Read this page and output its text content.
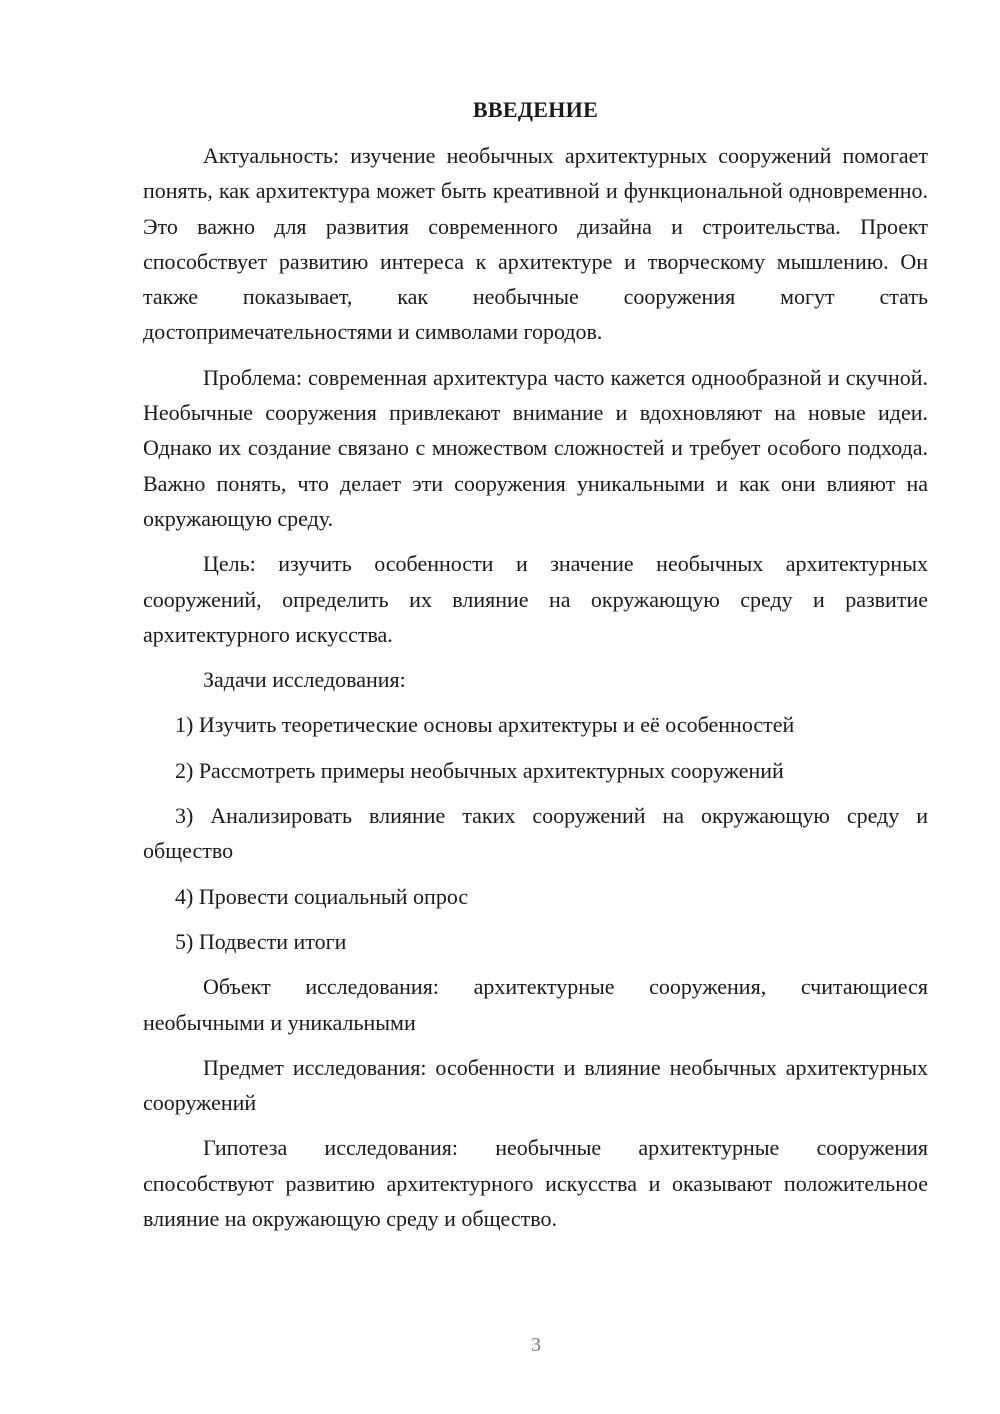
ВВЕДЕНИЕ

Актуальность: изучение необычных архитектурных сооружений помогает понять, как архитектура может быть креативной и функциональной одновременно. Это важно для развития современного дизайна и строительства. Проект способствует развитию интереса к архитектуре и творческому мышлению. Он также показывает, как необычные сооружения могут стать достопримечательностями и символами городов.

Проблема: современная архитектура часто кажется однообразной и скучной. Необычные сооружения привлекают внимание и вдохновляют на новые идеи. Однако их создание связано с множеством сложностей и требует особого подхода. Важно понять, что делает эти сооружения уникальными и как они влияют на окружающую среду.

Цель: изучить особенности и значение необычных архитектурных сооружений, определить их влияние на окружающую среду и развитие архитектурного искусства.

Задачи исследования:

1) Изучить теоретические основы архитектуры и её особенностей

2) Рассмотреть примеры необычных архитектурных сооружений

3) Анализировать влияние таких сооружений на окружающую среду и общество

4) Провести социальный опрос

5) Подвести итоги

Объект исследования: архитектурные сооружения, считающиеся необычными и уникальными

Предмет исследования: особенности и влияние необычных архитектурных сооружений

Гипотеза исследования: необычные архитектурные сооружения способствуют развитию архитектурного искусства и оказывают положительное влияние на окружающую среду и общество.

3
